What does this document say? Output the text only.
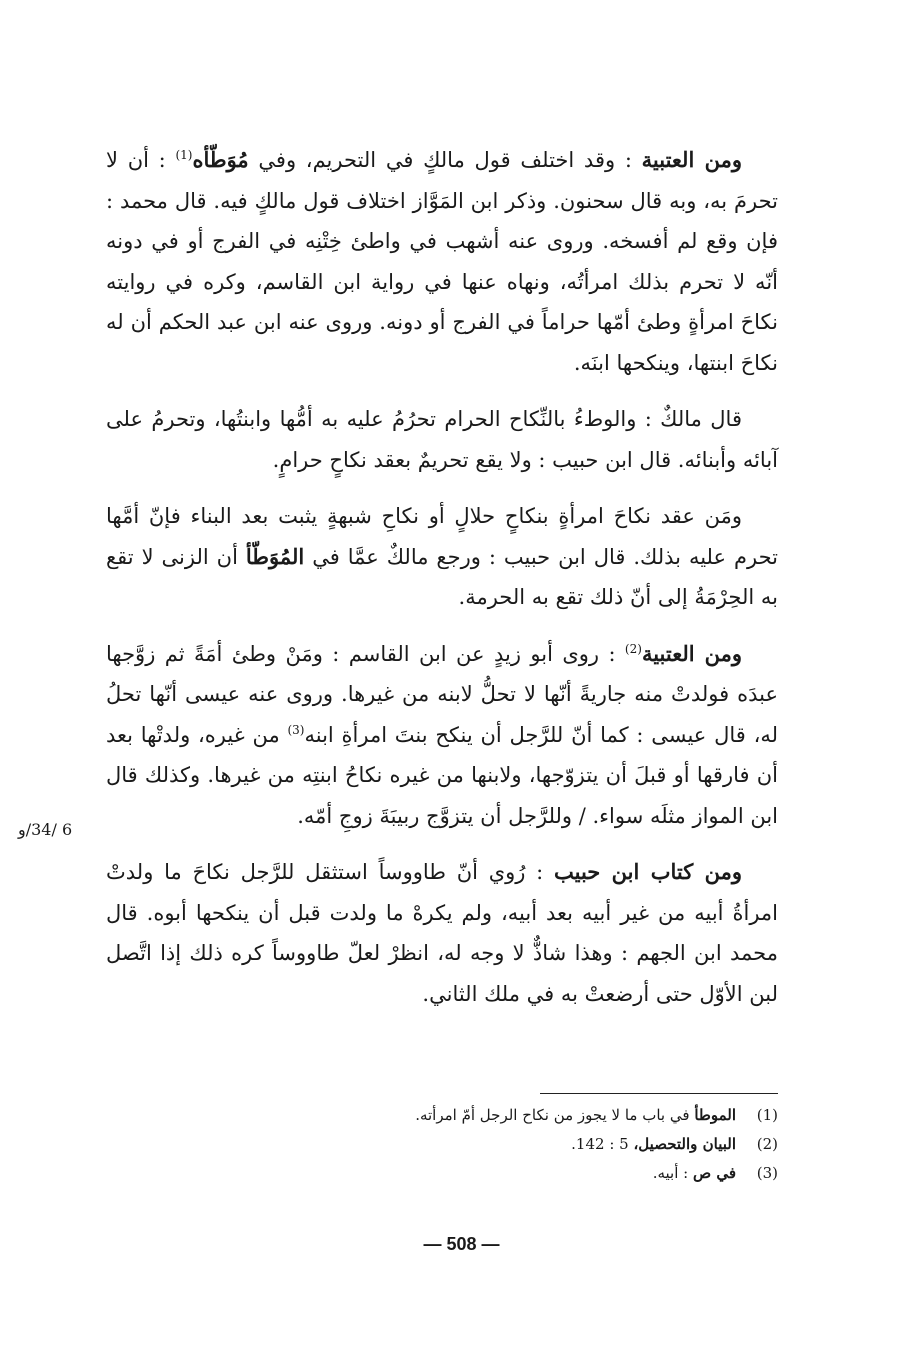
ومن العتبية : وقد اختلف قول مالكٍ في التحريم، وفي مُوَطّأه$^{(1)}$ : أن لا تحرمَ به، وبه قال سحنون. وذكر ابن المَوَّاز اختلاف قول مالكٍ فيه. قال محمد : فإن وقع لم أفسخه. وروى عنه أشهب في واطئ خِتْنِه في الفرج أو في دونه أنّه لا تحرم بذلك امرأتُه، ونهاه عنها في رواية ابن القاسم، وكره في روايته نكاحَ امرأةٍ وطئ أمّها حراماً في الفرج أو دونه. وروى عنه ابن عبد الحكم أن له نكاحَ ابنتها، وينكحها ابنَه.

قال مالكٌ : والوطءُ بالنِّكاح الحرام تحرُمُ عليه به أمُّها وابنتُها، وتحرمُ على آبائه وأبنائه. قال ابن حبيب : ولا يقع تحريمٌ بعقد نكاحٍ حرامٍ.

ومَن عقد نكاحَ امرأةٍ بنكاحٍ حلالٍ أو نكاحِ شبهةٍ يثبت بعد البناء فإنّ أمَّها تحرم عليه بذلك. قال ابن حبيب : ورجع مالكٌ عمَّا في المُوَطّأ أن الزنى لا تقع به الحِرْمَةُ إلى أنّ ذلك تقع به الحرمة.

ومن العتبية$^{(2)}$ : روى أبو زيدٍ عن ابن القاسم : ومَنْ وطئ أمَةً ثم زوَّجها عبدَه فولدتْ منه جاريةً أنّها لا تحلُّ لابنه من غيرها. وروى عنه عيسى أنّها تحلُ له، قال عيسى : كما أنّ للرَّجل أن ينكح بنتَ امرأةِ ابنه$^{(3)}$ من غيره، ولدتْها بعد أن فارقها أو قبلَ أن يتزوّجها، ولابنها من غيره نكاحُ ابنتِه من غيرها. وكذلك قال ابن المواز مثلَه سواء. / وللرَّجل أن يتزوَّج ربيبَةَ زوجِ أمّه.

ومن كتاب ابن حبيب : رُوي أنّ طاووساً استثقل للرَّجل نكاحَ ما ولدتْ امرأةُ أبيه من غير أبيه بعد أبيه، ولم يكرهْ ما ولدت قبل أن ينكحها أبوه. قال محمد ابن الجهم : وهذا شاذٌّ لا وجه له، انظرْ لعلّ طاووساً كره ذلك إذا اتَّصل لبن الأوّل حتى أرضعتْ به في ملك الثاني.

6 /34/و
(1)
الموطأ في باب ما لا يجوز من نكاح الرجل أمّ امرأته.
(2)
البيان والتحصيل، 5 : 142.
(3)
في ص : أبيه.
— 508 —
